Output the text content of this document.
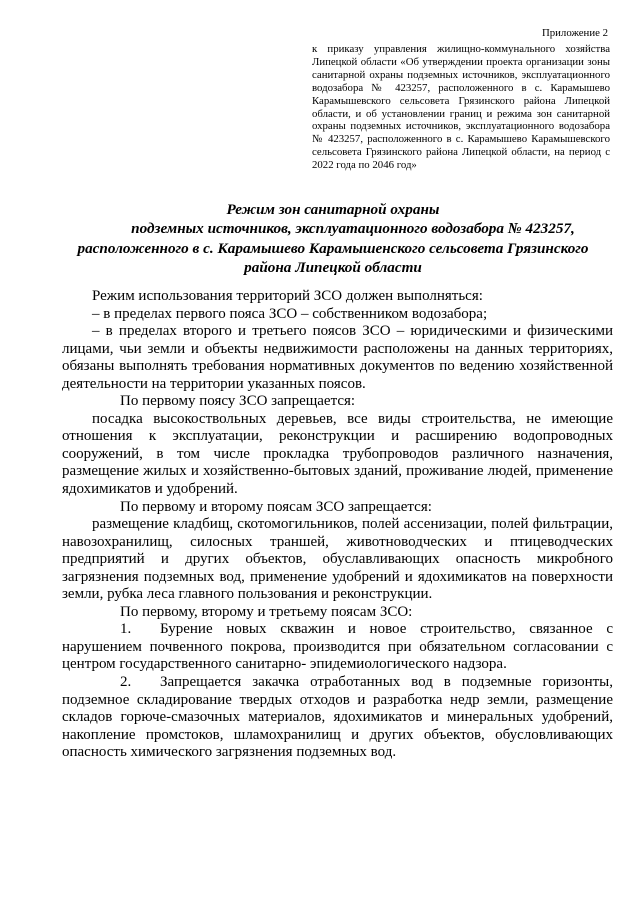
Приложение 2

к приказу управления жилищно-коммунального хозяйства Липецкой области «Об утверждении проекта организации зоны санитарной охраны подземных источников, эксплуатационного водозабора № 423257, расположенного в с. Карамышево Карамышевского сельсовета Грязинского района Липецкой области, и об установлении границ и режима зон санитарной охраны подземных источников, эксплуатационного водозабора № 423257, расположенного в с. Карамышево Карамышевского сельсовета Грязинского района Липецкой области, на период с 2022 года по 2046 год»

Режим зон санитарной охраны
подземных источников, эксплуатационного водозабора № 423257,
расположенного в с. Карамышево Карамышенского сельсовета Грязинского
района Липецкой области

Режим использования территорий ЗСО должен выполняться:

– в пределах первого пояса ЗСО – собственником водозабора;

– в пределах второго и третьего поясов ЗСО – юридическими и физическими лицами, чьи земли и объекты недвижимости расположены на данных территориях, обязаны выполнять требования нормативных документов по ведению хозяйственной деятельности на территории указанных поясов.

По первому поясу ЗСО запрещается:

посадка высокоствольных деревьев, все виды строительства, не имеющие отношения к эксплуатации, реконструкции и расширению водопроводных сооружений, в том числе прокладка трубопроводов различного назначения, размещение жилых и хозяйственно-бытовых зданий, проживание людей, применение ядохимикатов и удобрений.

По первому и второму поясам ЗСО запрещается:

размещение кладбищ, скотомогильников, полей ассенизации, полей фильтрации, навозохранилищ, силосных траншей, животноводческих и птицеводческих предприятий и других объектов, обуславливающих опасность микробного загрязнения подземных вод, применение удобрений и ядохимикатов на поверхности земли, рубка леса главного пользования и реконструкции.

По первому, второму и третьему поясам ЗСО:

1. Бурение новых скважин и новое строительство, связанное с нарушением почвенного покрова, производится при обязательном согласовании с центром государственного санитарно- эпидемиологического надзора.

2. Запрещается закачка отработанных вод в подземные горизонты, подземное складирование твердых отходов и разработка недр земли, размещение складов горюче-смазочных материалов, ядохимикатов и минеральных удобрений, накопление промстоков, шламохранилищ и других объектов, обусловливающих опасность химического загрязнения подземных вод.
